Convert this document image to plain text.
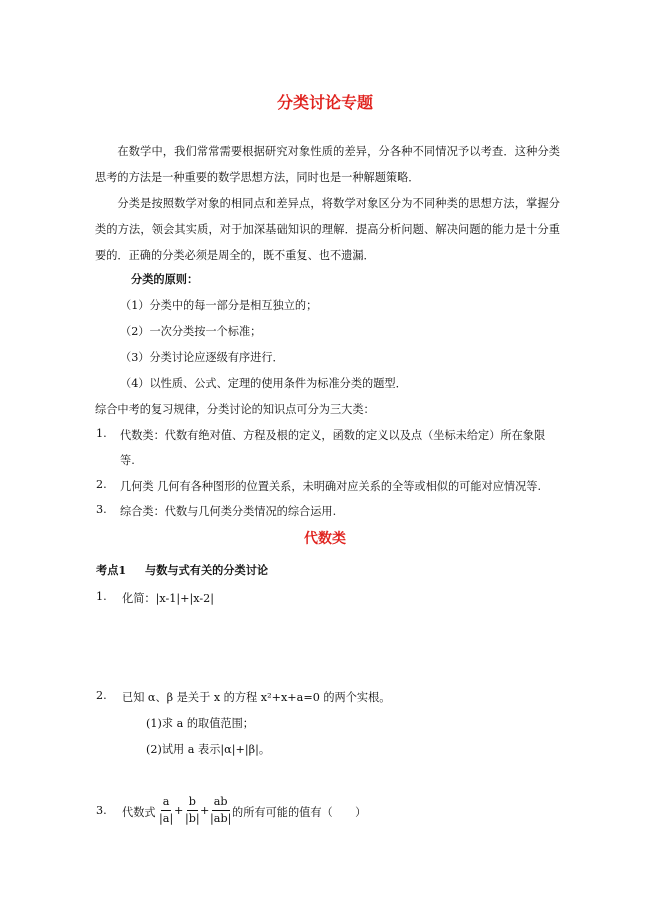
分类讨论专题

在数学中，我们常常需要根据研究对象性质的差异，分各种不同情况予以考查．这种分类思考的方法是一种重要的数学思想方法，同时也是一种解题策略．

分类是按照数学对象的相同点和差异点，将数学对象区分为不同种类的思想方法，掌握分类的方法，领会其实质，对于加深基础知识的理解．提高分析问题、解决问题的能力是十分重要的．正确的分类必须是周全的，既不重复、也不遗漏．

分类的原则：
（1）分类中的每一部分是相互独立的；
（2）一次分类按一个标准；
（3）分类讨论应逐级有序进行．
（4）以性质、公式、定理的使用条件为标准分类的题型．
综合中考的复习规律，分类讨论的知识点可分为三大类：
1. 代数类：代数有绝对值、方程及根的定义，函数的定义以及点（坐标未给定）所在象限
等.
2. 几何类 几何有各种图形的位置关系，未明确对应关系的全等或相似的可能对应情况等.
3. 综合类：代数与几何类分类情况的综合运用.
代数类
考点1 与数与式有关的分类讨论
1. 化简：|x-1|+|x-2|
2. 已知 α、β 是关于 x 的方程 x²+x+a=0 的两个实根。
(1)求 a 的取值范围；
(2)试用 a 表示|α|+|β|。
3. 代数式 $\frac{a}{|a|}$
+ $\frac{b}{|b|}$
+
$\frac{ab}{|ab|}$
的所有可能的值有（　　）
